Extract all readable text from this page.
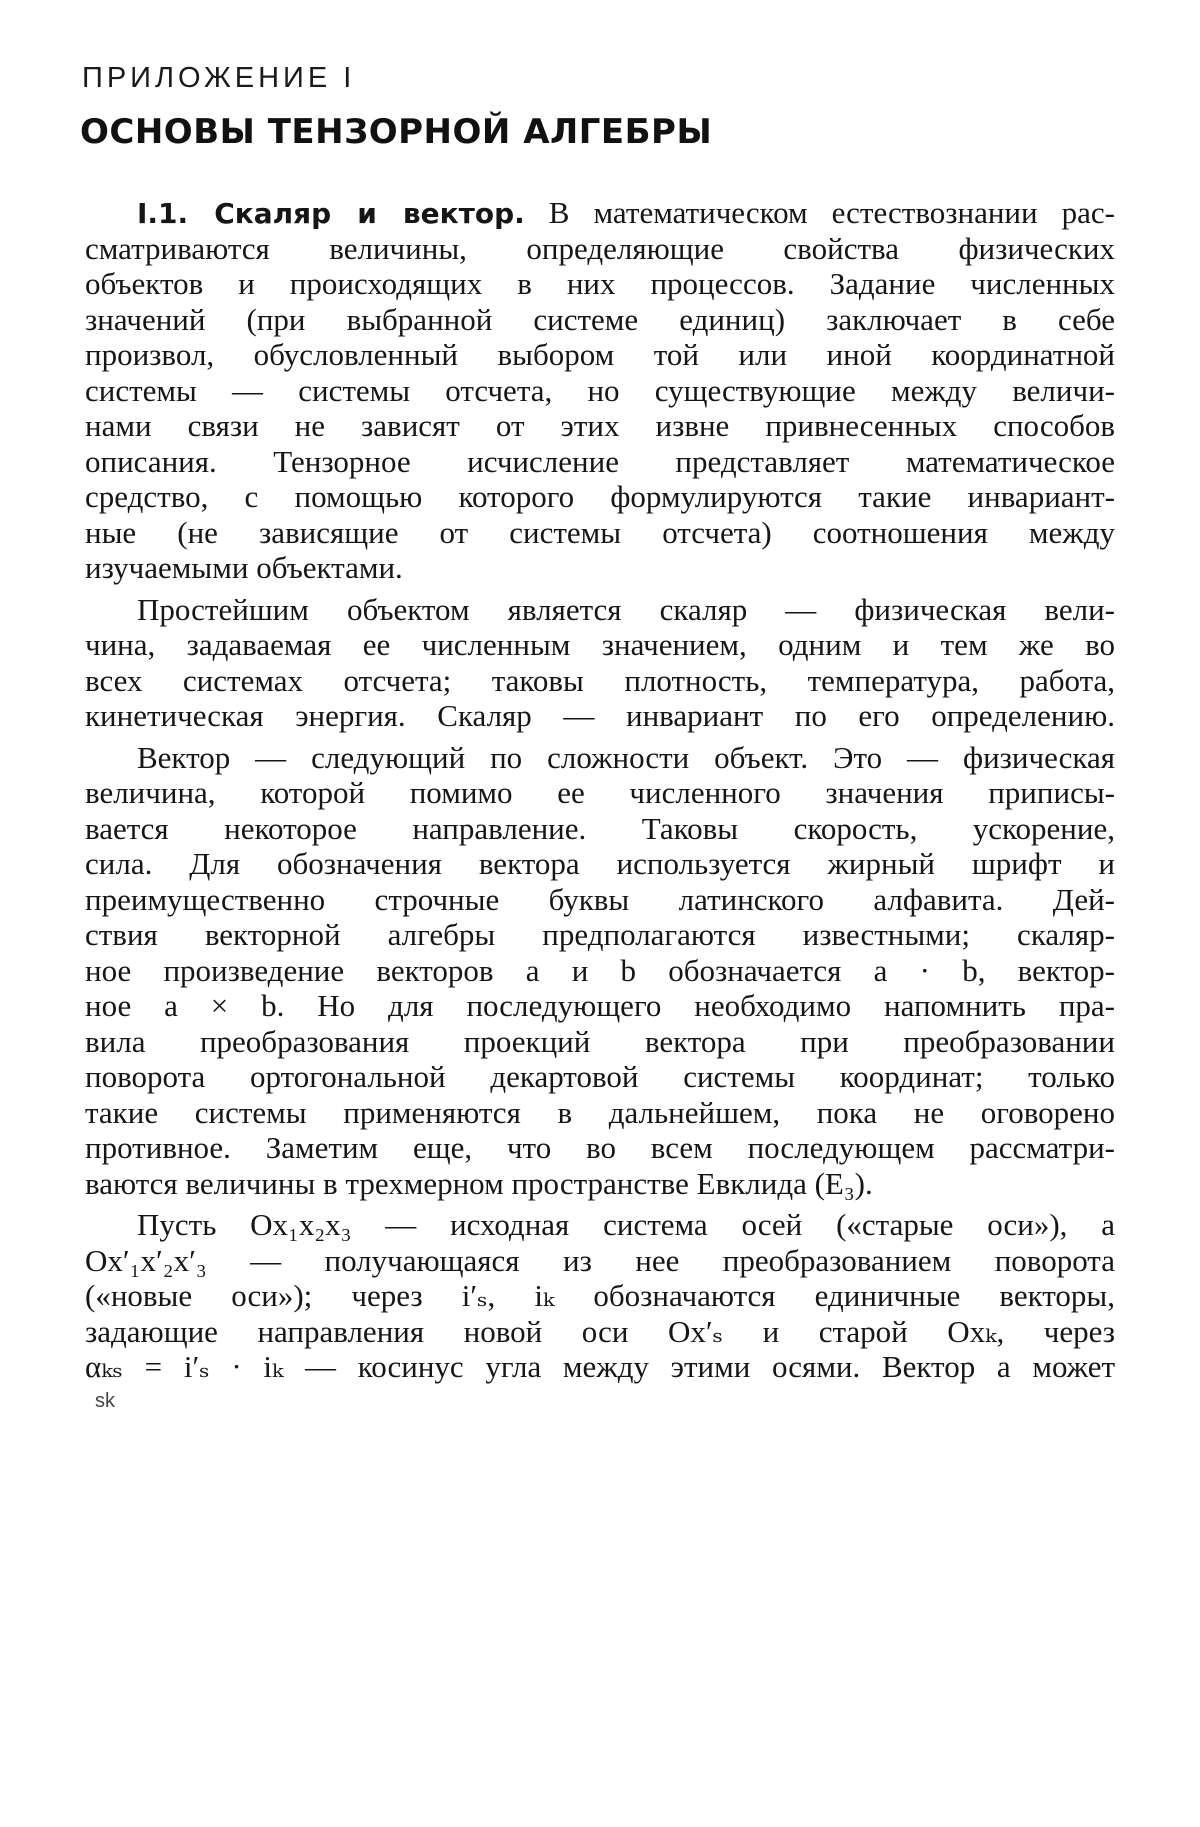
ПРИЛОЖЕНИЕ I
ОСНОВЫ ТЕНЗОРНОЙ АЛГЕБРЫ
I.1. Скаляр и вектор. В математическом естествознании рас-
сматриваются величины, определяющие свойства физических
объектов и происходящих в них процессов. Задание численных
значений (при выбранной системе единиц) заключает в себе
произвол, обусловленный выбором той или иной координатной
системы — системы отсчета, но существующие между величи-
нами связи не зависят от этих извне привнесенных способов
описания. Тензорное исчисление представляет математическое
средство, с помощью которого формулируются такие инвариант-
ные (не зависящие от системы отсчета) соотношения между
изучаемыми объектами.
Простейшим объектом является скаляр — физическая вели-
чина, задаваемая ее численным значением, одним и тем же во
всех системах отсчета; таковы плотность, температура, работа,
кинетическая энергия. Скаляр — инвариант по его определению.
Вектор — следующий по сложности объект. Это — физическая
величина, которой помимо ее численного значения приписы-
вается некоторое направление. Таковы скорость, ускорение,
сила. Для обозначения вектора используется жирный шрифт и
преимущественно строчные буквы латинского алфавита. Дей-
ствия векторной алгебры предполагаются известными; скаляр-
ное произведение векторов a и b обозначается a · b, вектор-
ное a × b. Но для последующего необходимо напомнить пра-
вила преобразования проекций вектора при преобразовании
поворота ортогональной декартовой системы координат; только
такие системы применяются в дальнейшем, пока не оговорено
противное. Заметим еще, что во всем последующем рассматри-
ваются величины в трехмерном пространстве Евклида (E₃).
Пусть Ox₁x₂x₃ — исходная система осей («старые оси»), а
Ox′₁x′₂x′₃ — получающаяся из нее преобразованием поворота
(«новые оси»); через i′ₛ, iₖ обозначаются единичные векторы,
задающие направления новой оси Ox′ₛ и старой Oxₖ, через
αₖₛ = i′ₛ · iₖ — косинус угла между этими осями. Вектор a может
sk
